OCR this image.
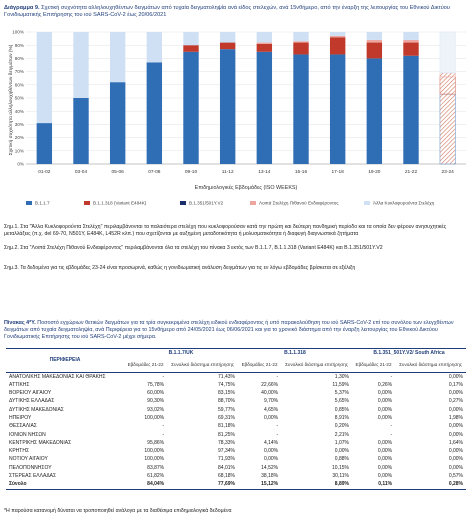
Διάγραμμα 9. Σχετική συχνότητα αλληλουχηθέντων δειγμάτων από τυχαία δειγματοληψία ανά είδος στελεχών, ανά 15νθήμερο, από την έναρξη της λειτουργίας του Εθνικού Δικτύου Γονιδιωματικής Επιτήρησης του ιού SARS-CoV-2 έως 20/06/2021
0%
10%
20%
30%
40%
50%
60%
70%
80%
90%
100%
01-02	03-04	05-06	07-08	09-10	11-12	13-14	15-16	17-18	19-20	21-22	23-24
Επιδημιολογικές Εβδομάδες (ISO WEEKS)
Σχετική συχνότητα αλληλουχηθέντων δειγμάτων (%)
B.1.1.7	B.1.1.318 (Variant E484K)	B.1.351/501Y.V2	Λοιπά Στελέχη Πιθανού Ενδιαφέροντος	Άλλα Κυκλοφορούντα Στελέχη
Σημ.1. Στα "Άλλα Κυκλοφορούντα Στελέχη" περιλαμβάνονται τα παλαιότερα στελέχη που κυκλοφορούσαν κατά την πρώτη και δεύτερη πανδημική περίοδο και τα οποία δεν φέρουν ανησυχητικές μεταλλάξεις (π.χ. del 69-70, N501Y, E484K, L452R κλπ.) που σχετίζονται με αυξημένη μεταδοτικότητα ή μολυσματικότητα ή διαφυγή διαγνωστικά ζητήματα
Σημ.2. Στα "Λοιπά Στελέχη Πιθανού Ενδιαφέροντος" περιλαμβάνονται όλα τα στελέχη του πίνακα 3 εκτός των B.1.1.7, B.1.1.318 (Variant E484K) και B.1.351/501Y.V2
Σημ.3. Τα δεδομένα για τις εβδομάδες 23-24 είναι προσωρινά, καθώς η γονιδιωματική ανάλυση δειγμάτων για τις εν λόγω εβδομάδες βρίσκεται σε εξέλιξη
Πίνακας 4*Υ. Ποσοστό εγχώριων θετικών δειγμάτων για τα τρία συγκεκριμένα στελέχη ειδικού ενδιαφέροντος ή υπό παρακολούθηση του ιού SARS-CoV-2 επί του συνόλου των ελεγχθέντων δειγμάτων από τυχαία δειγματοληψία, ανά Περιφέρεια για το 15νθήμερο από 24/05/2021 έως 06/06/2021 και για το χρονικό διάστημα από την έναρξη λειτουργίας του Εθνικού Δικτύου Γονιδιωματικής Επιτήρησης του ιού SARS-CoV-2 μέχρι σήμερα.
ΠΕΡΙΦΕΡΕΙΑ	B.1.1.7/UK		B.1.1.318		B.1.351_501Y.V2/ South Africa	
	Εβδομάδες 21-22	Συνολικό διάστημα επιτήρησης	Εβδομάδες 21-22	Συνολικό διάστημα επιτήρησης	Εβδομάδες 21-22	Συνολικό διάστημα επιτήρησης
ΑΝΑΤΟΛΙΚΗΣ ΜΑΚΕΔΟΝΙΑΣ ΚΑΙ ΘΡΑΚΗΣ	-	71,43%	-	1,30%	-	0,00%
ΑΤΤΙΚΗΣ	75,78%	74,75%	22,66%	11,59%	0,26%	0,17%
ΒΟΡΕΙΟΥ ΑΙΓΑΙΟΥ	60,00%	83,15%	40,00%	5,37%	0,00%	0,00%
ΔΥΤΙΚΗΣ ΕΛΛΑΔΑΣ	90,30%	88,70%	9,70%	5,65%	0,00%	0,27%
ΔΥΤΙΚΗΣ ΜΑΚΕΔΟΝΙΑΣ	93,02%	59,77%	4,65%	0,85%	0,00%	0,00%
ΗΠΕΙΡΟΥ	100,00%	69,31%	0,00%	8,91%	0,00%	1,98%
ΘΕΣΣΑΛΙΑΣ	-	81,18%	-	0,20%	-	0,00%
ΙΟΝΙΩΝ ΝΗΣΩΝ	-	81,25%	-	2,21%	-	0,00%
ΚΕΝΤΡΙΚΗΣ ΜΑΚΕΔΟΝΙΑΣ	95,86%	78,33%	4,14%	1,07%	0,00%	1,64%
ΚΡΗΤΗΣ	100,00%	97,34%	0,00%	0,00%	0,00%	0,00%
ΝΟΤΙΟΥ ΑΙΓΑΙΟΥ	100,00%	71,93%	0,00%	0,88%	0,00%	0,00%
ΠΕΛΟΠΟΝΝΗΣΟΥ	83,87%	84,01%	14,52%	10,15%	0,00%	0,00%
ΣΤΕΡΕΑΣ ΕΛΛΑΔΑΣ	61,82%	68,18%	38,18%	30,11%	0,00%	0,57%
Σύνολο	84,04%	77,69%	15,12%	8,89%	0,11%	0,28%
*Η παρούσα κατανομή δύναται να τροποποιηθεί ανάλογα με τα διαθέσιμα επιδημιολογικά δεδομένα
